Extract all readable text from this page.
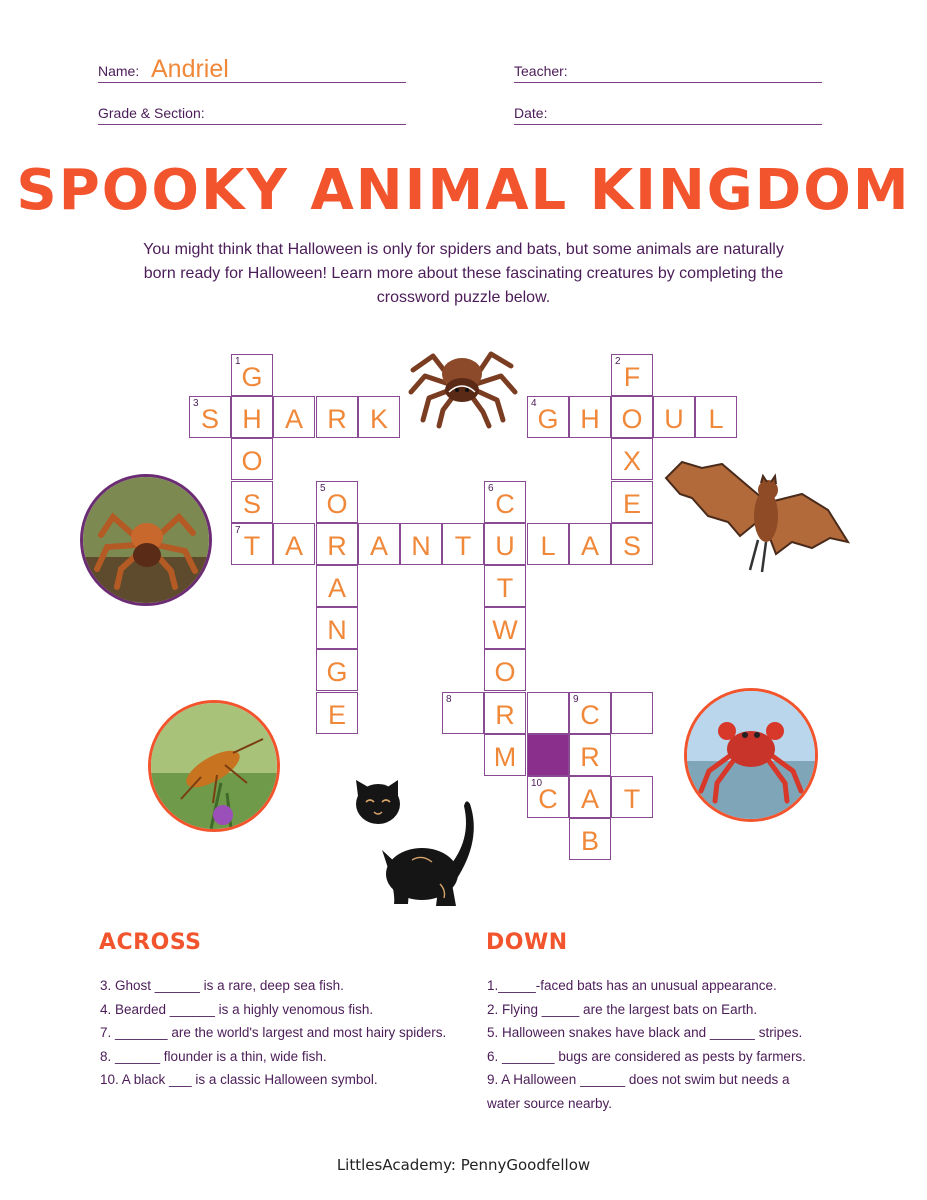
Name: Andriel	Teacher:
Grade & Section:	Date:
SPOOKY ANIMAL KINGDOM
You might think that Halloween is only for spiders and bats, but some animals are naturally born ready for Halloween! Learn more about these fascinating creatures by completing the crossword puzzle below.
1 G
H
O
S
7 T
3 S	A R K
A R A N T U L A S
5 O
A
N
G
E
6 C
T
W
O
R
M
2 F
O
X
E
4 G H	U L
8	9 C
R
10
C A T
B
ACROSS
3. Ghost ______ is a rare, deep sea fish.
4. Bearded ______ is a highly venomous fish.
7. _______ are the world's largest and most hairy spiders.
8. ______ flounder is a thin, wide fish.
10. A black ___ is a classic Halloween symbol.
DOWN
1._____-faced bats has an unusual appearance.
2. Flying _____ are the largest bats on Earth.
5. Halloween snakes have black and ______ stripes.
6. _______ bugs are considered as pests by farmers.
9. A Halloween ______ does not swim but needs a
water source nearby.
LittlesAcademy: PennyGoodfellow
